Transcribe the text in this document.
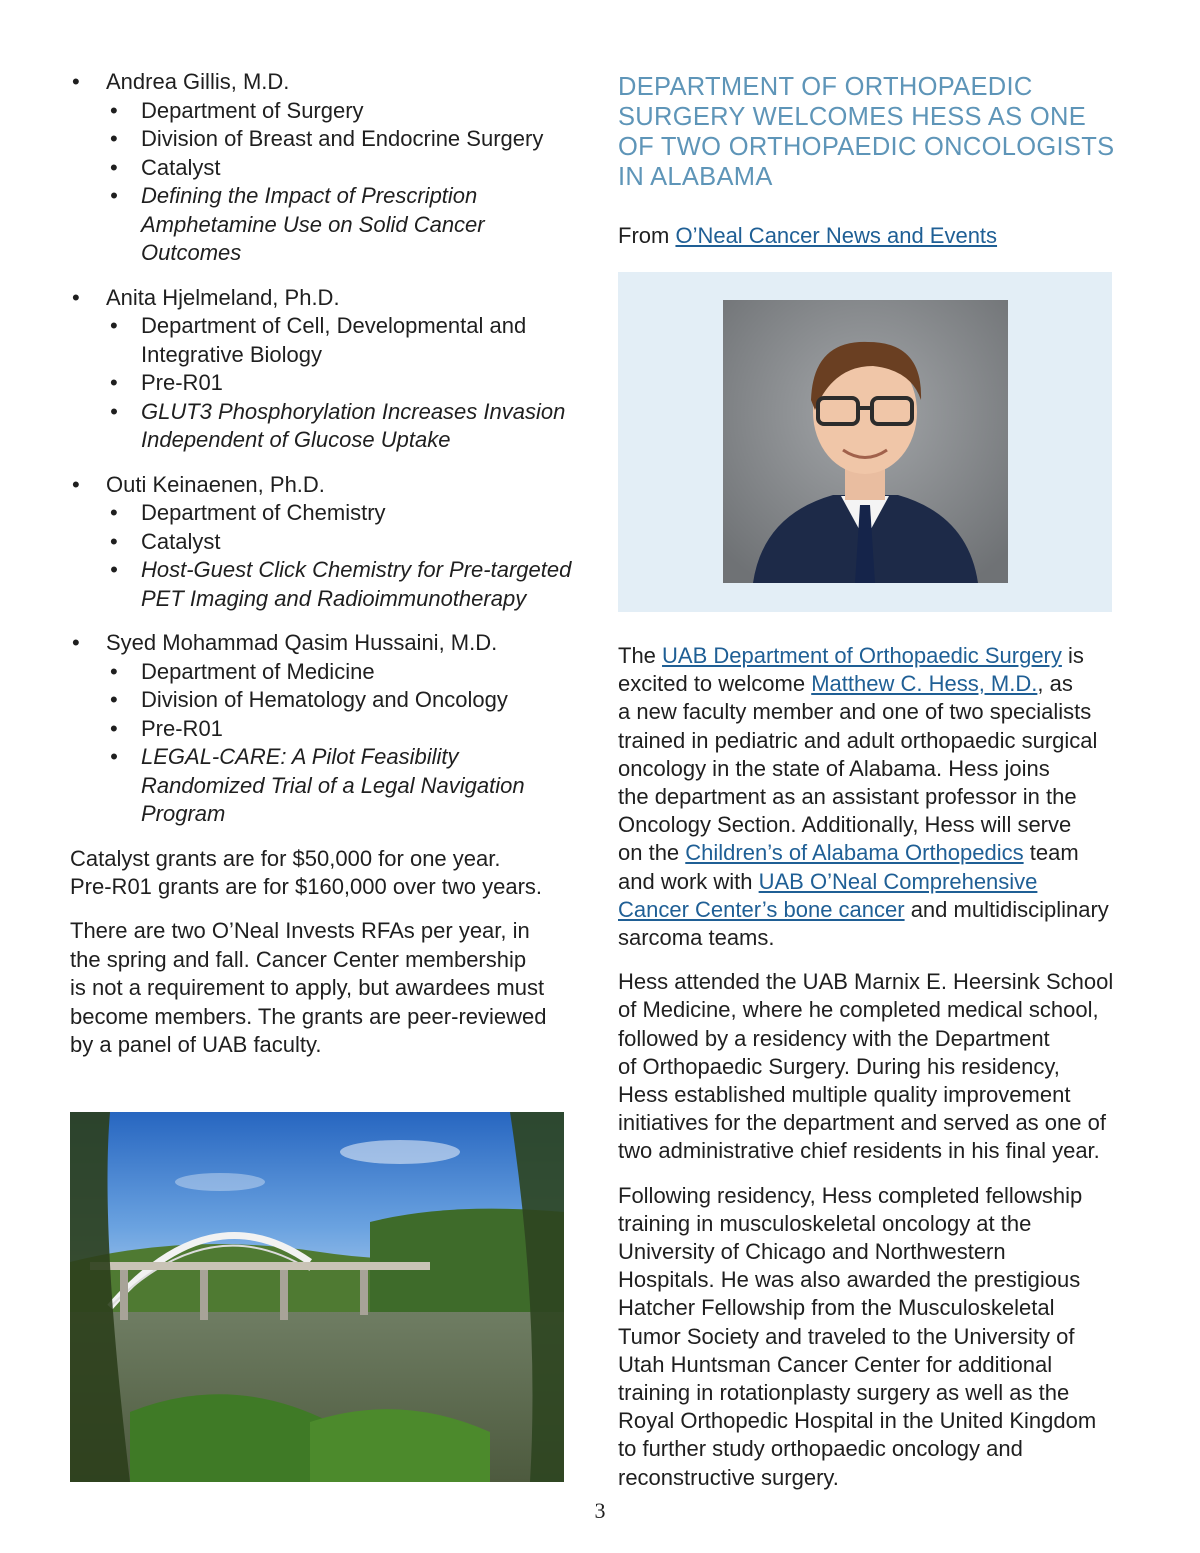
• Andrea Gillis, M.D.
• Department of Surgery
• Division of Breast and Endocrine Surgery
• Catalyst
• Defining the Impact of Prescription
Amphetamine Use on Solid Cancer
Outcomes
• Anita Hjelmeland, Ph.D.
• Department of Cell, Developmental and
Integrative Biology
• Pre-R01
• GLUT3 Phosphorylation Increases Invasion
Independent of Glucose Uptake
• Outi Keinaenen, Ph.D.
• Department of Chemistry
• Catalyst
• Host-Guest Click Chemistry for Pre-targeted
PET Imaging and Radioimmunotherapy
• Syed Mohammad Qasim Hussaini, M.D.
• Department of Medicine
• Division of Hematology and Oncology
• Pre-R01
• LEGAL-CARE: A Pilot Feasibility
Randomized Trial of a Legal Navigation
Program

Catalyst grants are for $50,000 for one year.
Pre-R01 grants are for $160,000 over two years.

There are two O’Neal Invests RFAs per year, in
the spring and fall. Cancer Center membership
is not a requirement to apply, but awardees must
become members. The grants are peer-reviewed
by a panel of UAB faculty.

DEPARTMENT OF ORTHOPAEDIC
SURGERY WELCOMES HESS AS ONE
OF TWO ORTHOPAEDIC ONCOLOGISTS
IN ALABAMA

From O’Neal Cancer News and Events

The UAB Department of Orthopaedic Surgery is
excited to welcome Matthew C. Hess, M.D., as
a new faculty member and one of two specialists
trained in pediatric and adult orthopaedic surgical
oncology in the state of Alabama. Hess joins
the department as an assistant professor in the
Oncology Section. Additionally, Hess will serve
on the Children’s of Alabama Orthopedics team
and work with UAB O’Neal Comprehensive
Cancer Center’s bone cancer and multidisciplinary
sarcoma teams.

Hess attended the UAB Marnix E. Heersink School
of Medicine, where he completed medical school,
followed by a residency with the Department
of Orthopaedic Surgery. During his residency,
Hess established multiple quality improvement
initiatives for the department and served as one of
two administrative chief residents in his final year.

Following residency, Hess completed fellowship
training in musculoskeletal oncology at the
University of Chicago and Northwestern
Hospitals. He was also awarded the prestigious
Hatcher Fellowship from the Musculoskeletal
Tumor Society and traveled to the University of
Utah Huntsman Cancer Center for additional
training in rotationplasty surgery as well as the
Royal Orthopedic Hospital in the United Kingdom
to further study orthopaedic oncology and
reconstructive surgery.

3
